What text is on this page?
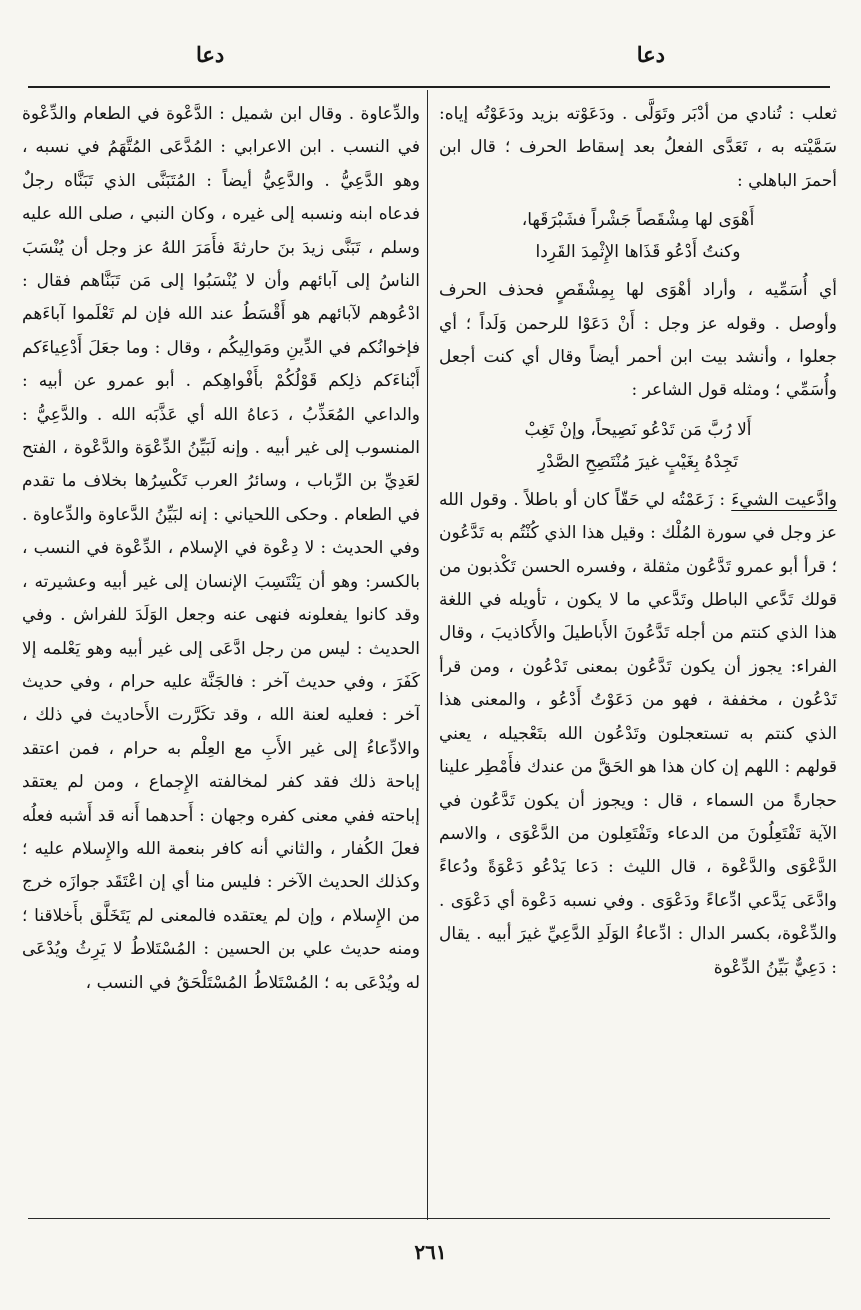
دعا
دعا

ثعلب : تُنادي من أدْبَر وتَوَلَّى . ودَعَوْته بزيد ودَعَوْتُه إياه: سَمَّيْته به ، تَعَدَّى الفعلُ بعد إسقاط الحرف ؛ قال ابن أحمرَ الباهلي :

أَهْوَى لها مِشْقَصاً جَشْراً فشَبْرَقَها،
وكنتُ أَدْعُو قَذَاها الإِثْمِدَ القَرِدا

أي أُسَمِّيه ، وأراد أهْوَى لها بِمِشْقَصٍ فحذف الحرف وأوصل . وقوله عز وجل : أَنْ دَعَوْا للرحمن وَلَداً ؛ أي جعلوا ، وأنشد بيت ابن أحمر أيضاً وقال أي كنت أجعل وأُسَمِّي ؛ ومثله قول الشاعر :

أَلا رُبَّ مَن تَدْعُو نَصِيحاً، وإنْ تَغِبْ
تَجِدْهُ بِغَيْبٍ غيرَ مُنْتَصِحِ الصَّدْرِ

وادَّعيت الشيءَ : زَعَمْتُه لي حَقّاً كان أو باطلاً . وقول الله عز وجل في سورة المُلْك : وقيل هذا الذي كُنْتُم به تَدَّعُون ؛ قرأ أبو عمرو تَدَّعُون مثقلة ، وفسره الحسن تَكْذبون من قولك تَدَّعي الباطل وتَدَّعي ما لا يكون ، تأويله في اللغة هذا الذي كنتم من أجله تَدَّعُونَ الأَباطيلَ والأَكاذيبَ ، وقال الفراء: يجوز أن يكون تَدَّعُون بمعنى تَدْعُون ، ومن قرأ تَدْعُون ، مخففة ، فهو من دَعَوْتُ أَدْعُو ، والمعنى هذا الذي كنتم به تستعجلون وتَدْعُون الله بتَعْجيله ، يعني قولهم : اللهم إن كان هذا هو الحَقَّ من عندك فأَمْطِر علينا حجارةً من السماء ، قال : ويجوز أن يكون تَدَّعُون في الآية تَفْتَعِلُونَ من الدعاء وتَفْتَعِلون من الدَّعْوَى ، والاسم الدَّعْوَى والدَّعْوة ، قال الليث : دَعا يَدْعُو دَعْوَةً ودُعاءً وادَّعَى يَدَّعي ادِّعاءً ودَعْوَى . وفي نسبه دَعْوة أي دَعْوَى . والدِّعْوة، بكسر الدال : ادِّعاءُ الوَلَدِ الدَّعِيِّ غيرَ أبيه . يقال : دَعِيٌّ بَيِّنُ الدِّعْوة

والدِّعاوة . وقال ابن شميل : الدَّعْوة في الطعام والدِّعْوة في النسب . ابن الاعرابي : المُدَّعَى المُتَّهَمُ في نسبه ، وهو الدَّعِيُّ . والدَّعِيُّ أيضاً : المُتَبَنَّى الذي تَبَنَّاه رجلٌ فدعاه ابنه ونسبه إلى غيره ، وكان النبي ، صلى الله عليه وسلم ، تَبَنَّى زيدَ بنَ حارثةَ فأَمَرَ اللهُ عز وجل أن يُنْسَبَ الناسُ إلى آبائهم وأن لا يُنْسَبُوا إلى مَن تَبَنَّاهم فقال : ادْعُوهم لآبائهم هو أَقْسَطُ عند الله فإن لم تَعْلَموا آباءَهم فإخوانُكم في الدِّينِ ومَوالِيكُم ، وقال : وما جعَلَ أَدْعِياءَكم أَبْناءَكم ذلِكم قَوْلُكُمْ بأَفْواهِكم . أبو عمرو عن أبيه : والداعي المُعَذِّبُ ، دَعاهُ الله أي عَذَّبَه الله . والدَّعِيُّ : المنسوب إلى غير أبيه . وإنه لَبَيِّنُ الدِّعْوَة والدَّعْوة ، الفتح لعَدِيِّ بن الرِّباب ، وسائرُ العرب تَكْسِرُها بخلاف ما تقدم في الطعام . وحكى اللحياني : إنه لبَيِّنُ الدَّعاوة والدِّعاوة . وفي الحديث : لا دِعْوة في الإسلام ، الدِّعْوة في النسب ، بالكسر: وهو أن يَنْتَسِبَ الإنسان إلى غير أبيه وعشيرته ، وقد كانوا يفعلونه فنهى عنه وجعل الوَلَدَ للفراش . وفي الحديث : ليس من رجل ادَّعَى إلى غير أبيه وهو يَعْلمه إلا كَفَرَ ، وفي حديث آخر : فالجَنَّة عليه حرام ، وفي حديث آخر : فعليه لعنة الله ، وقد تكَرَّرت الأَحاديث في ذلك ، والادِّعاءُ إلى غير الأَبِ مع العِلْم به حرام ، فمن اعتقد إباحة ذلك فقد كفر لمخالفته الإِجماع ، ومن لم يعتقد إباحته ففي معنى كفره وجهان : أَحدهما أَنه قد أَشبه فعلُه فعلَ الكُفار ، والثاني أنه كافر بنعمة الله والإِسلام عليه ؛ وكذلك الحديث الآخر : فليس منا أي إن اعْتَقَد جوازَه خرج من الإِسلام ، وإن لم يعتقده فالمعنى لم يَتَخَلَّق بأَخلاقنا ؛ ومنه حديث علي بن الحسين : المُسْتَلاطُ لا يَرِثُ ويُدْعَى له ويُدْعَى به ؛ المُسْتَلاطُ المُسْتَلْحَقُ في النسب ،

٢٦١
